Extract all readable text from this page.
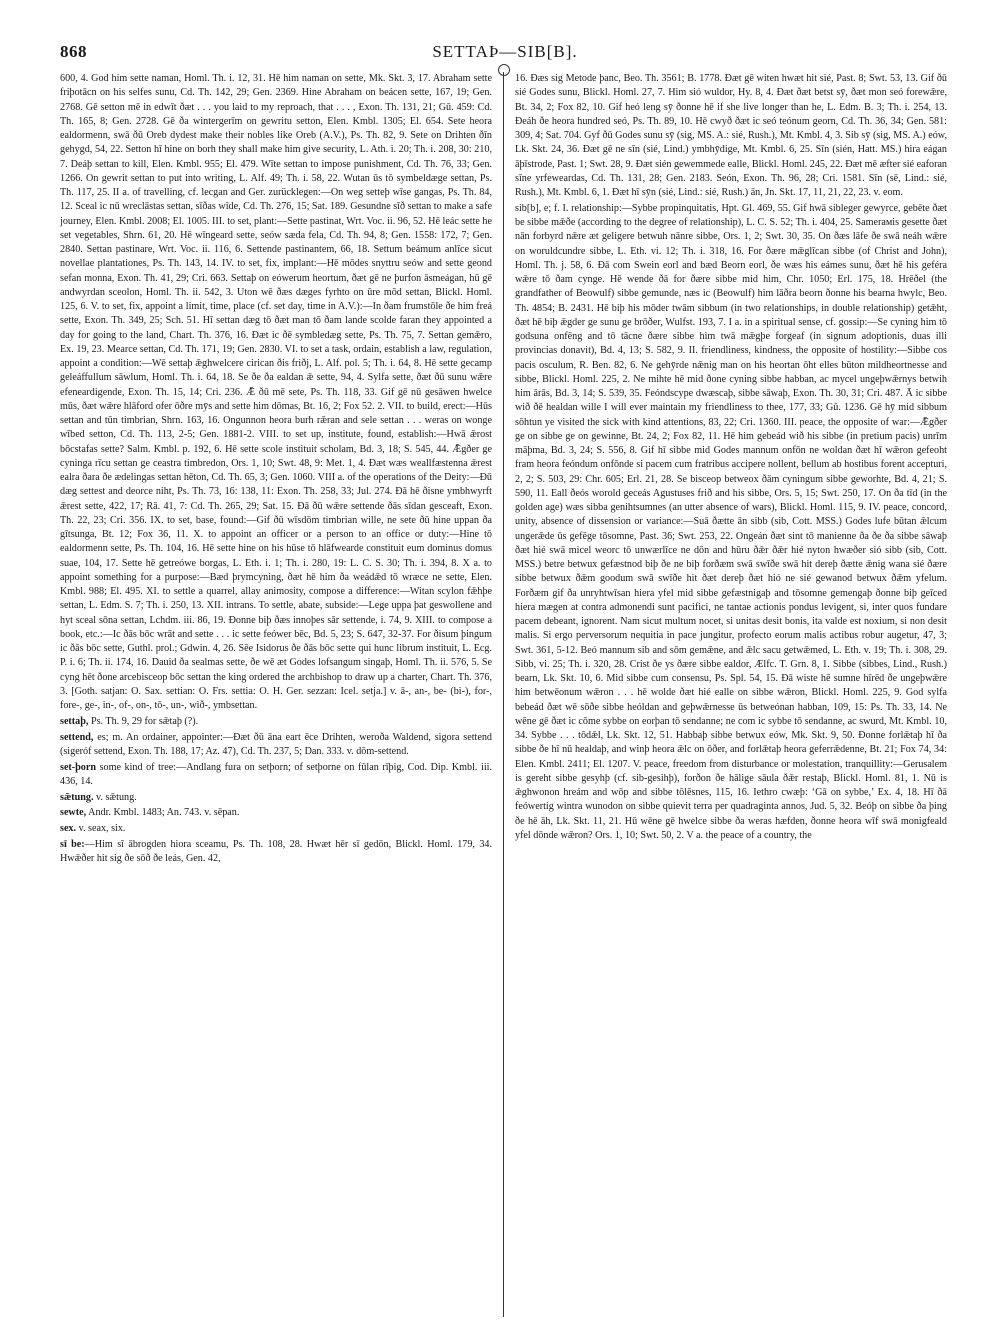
868	SETTAÞ—SIB[B].

600, 4. God him sette naman, Homl. Th. i. 12, 31. Hē him naman on sette, Mk. Skt. 3, 17. Abraham sette friþotācn on his selfes sunu, Cd. Th. 142, 29; Gen. 2369. Hine Abraham on beácen sette, 167, 19; Gen. 2768. Gē setton mē in edwīt ðæt . . . you laid to my reproach, that . . . , Exon. Th. 131, 21; Gū. 459: Cd. Th. 165, 8; Gen. 2728. Gē ða wintergerīm on gewritu setton, Elen. Kmbl. 1305; El. 654. Sete heora ealdormenn, swā ðū Oreb dydest make their nobles like Oreb (A.V.), Ps. Th. 82, 9. Sete on Drihten ðīn gehygd, 54, 22. Setton hī hine on borh they shall make him give security, L. Ath. i. 20; Th. i. 208, 30: 210, 7. Deáþ settan to kill, Elen. Kmbl. 955; El. 479. Wīte settan to impose punishment, Cd. Th. 76, 33; Gen. 1266. On gewrit settan to put into writing, L. Alf. 49; Th. i. 58, 22. Wutan ūs tō symbeldæge settan, Ps. Th. 117, 25. II a. of travelling, cf. lecgan and Ger. zurücklegen:—On weg setteþ wīse gangas, Ps. Th. 84, 12. Sceal ic nū wreclāstas settan, sīðas wīde, Cd. Th. 276, 15; Sat. 189. Gesundne sīð settan to make a safe journey, Elen. Kmbl. 2008; El. 1005. III. to set, plant:—Sette pastinat, Wrt. Voc. ii. 96, 52. Hē leác sette he set vegetables, Shrn. 61, 20. Hē wīngeard sette, seów sæda fela, Cd. Th. 94, 8; Gen. 1558: 172, 7; Gen. 2840. Settan pastinare, Wrt. Voc. ii. 116, 6. Settende pastinantem, 66, 18. Settum beámum anlīce sicut novellae plantationes, Ps. Th. 143, 14. IV. to set, fix, implant:—Hē mōdes snyttru seów and sette geond sefan monna, Exon. Th. 41, 29; Cri. 663. Settaþ on eówerum heortum, ðæt gē ne þurfon āsmeágan, hū gē andwyrdan sceolon, Homl. Th. ii. 542, 3. Uton wē ðæs dæges fyrhto on ūre mōd settan, Blickl. Homl. 125, 6. V. to set, fix, appoint a limit, time, place (cf. set day, time in A.V.):—In ðam frumstōle ðe him freá sette, Exon. Th. 349, 25; Sch. 51. Hī settan dæg tō ðæt man tō ðam lande scolde faran they appointed a day for going to the land, Chart. Th. 376, 16. Ðæt ic ðē symbledæg sette, Ps. Th. 75, 7. Settan gemǣro, Ex. 19, 23. Mearce settan, Cd. Th. 171, 19; Gen. 2830. VI. to set a task, ordain, establish a law, regulation, appoint a condition:—Wē settaþ ǣghwelcere cirican ðis friðj, L. Alf. pol. 5; Th. i. 64, 8. Hē sette gecamp geleáffullum sāwlum, Homl. Th. i. 64, 18. Se ðe ða ealdan ǣ sette, 94, 4. Sylfa sette, ðæt ðū sunu wǣre efeneardigende, Exon. Th. 15, 14; Cri. 236. Ǣ ðū mē sete, Ps. Th. 118, 33. Gif gē nū gesāwen hwelce mūs, ðæt wǣre hlāford ofer ōðre mȳs and sette him dōmas, Bt. 16, 2; Fox 52. 2. VII. to build, erect:—Hūs settan and tūn timbrian, Shrn. 163, 16. Ongunnon heora burh rǣran and sele settan . . . weras on wonge wībed setton, Cd. Th. 113, 2-5; Gen. 1881-2. VIII. to set up, institute, found, establish:—Hwā ǣrost bōcstafas sette? Salm. Kmbl. p. 192, 6. Hē sette scole instituit scholam, Bd. 3, 18; S. 545, 44. Ǣgðer ge cyninga rīcu settan ge ceastra timbredon, Ors. 1, 10; Swt. 48, 9: Met. 1, 4. Ðæt wæs weallfæstenna ǣrest ealra ðara ðe ædelingas settan hēton, Cd. Th. 65, 3; Gen. 1060. VIII a. of the operations of the Deity:—Ðū dæg settest and deorce niht, Ps. Th. 73, 16: 138, 11: Exon. Th. 258, 33; Jul. 274. Ðā hē ðisne ymbhwyrft ǣrest sette, 422, 17; Rā. 41, 7: Cd. Th. 265, 29; Sat. 15. Ðā ðū wǣre settende ðās sīdan gesceaft, Exon. Th. 22, 23; Cri. 356. IX. to set, base, found:—Gif ðū wīsdōm timbrian wille, ne sete ðū hine uppan ða gītsunga, Bt. 12; Fox 36, 11. X. to appoint an officer or a person to an office or duty:—Hine tō ealdormenn sette, Ps. Th. 104, 16. Hē sette hine on his hūse tō hlāfwearde constituit eum dominus domus suae, 104, 17. Sette hē getreówe borgas, L. Eth. i. 1; Th. i. 280, 19: L. C. S. 30; Th. i. 394, 8. X a. to appoint something for a purpose:—Bæd þrymcyning, ðæt hē him ða weádǣd tō wræce ne sette, Elen. Kmbl. 988; El. 495. XI. to settle a quarrel, allay animosity, compose a difference:—Witan scylon fǣhþe settan, L. Edm. S. 7; Th. i. 250, 13. XII. intrans. To settle, abate, subside:—Lege uppa þat geswollene and hyt sceal sōna settan, Lchdm. iii. 86, 19. Ðonne biþ ðæs innoþes sār settende, i. 74, 9. XIII. to compose a book, etc.:—Ic ðās bōc wrāt and sette . . . ic sette feówer bēc, Bd. 5, 23; S. 647, 32-37. For ðisum þingum ic ðās bōc sette, Guthl. prol.; Gdwin. 4, 26. Sēe Isidorus ðe ðās bōc sette qui hunc librum instituit, L. Ecg. P. i. 6; Th. ii. 174, 16. Dauid ða sealmas sette, ðe wē æt Godes lofsangum singaþ, Homl. Th. ii. 576, 5. Se cyng hēt ðone arcebisceop bōc settan the king ordered the archbishop to draw up a charter, Chart. Th. 376, 3. [Goth. satjan: O. Sax. settian: O. Frs. settia: O. H. Ger. sezzan: Icel. setja.] v. ā-, an-, be- (bi-), for-, fore-, ge-, in-, of-, on-, tō-, un-, wið-, ymbsettan.

settaþ, Ps. Th. 9, 29 for sǣtaþ (?).

settend, es; m. An ordainer, appointer:—Ðæt ðū āna eart ēce Drihten, weroða Waldend, sigora settend (sigeróf settend, Exon. Th. 188, 17; Az. 47), Cd. Th. 237, 5; Dan. 333. v. dōm-settend.

set-þorn some kind of tree:—Andlang fura on setþorn; of setþorne on fūlan rīþig, Cod. Dip. Kmbl. iii. 436, 14.

sǣtung. v. sǣtung.

sewte, Andr. Kmbl. 1483; An. 743. v. sēpan.

sex. v. seax, six.

sī be:—Him sī ābrogden hiora sceamu, Ps. Th. 108, 28. Hwæt hēr sī gedōn, Blickl. Homl. 179, 34. Hwǣðer hit sig ðe sōð ðe leás, Gen. 42,

16. Ðæs sig Metode þanc, Beo. Th. 3561; B. 1778. Ðæt gē witen hwæt hit sié, Past. 8; Swt. 53, 13. Gif ðū sié Godes sunu, Blickl. Homl. 27, 7. Him sió wuldor, Hy. 8, 4. Ðæt ðæt betst sȳ, ðæt mon seó forewǣre, Bt. 34, 2; Fox 82, 10. Gif heó leng sȳ ðonne hē if she live longer than he, L. Edm. B. 3; Th. i. 254, 13. Ðeáh ðe heora hundred seó, Ps. Th. 89, 10. Hē cwyð ðæt ic seó teónum georn, Cd. Th. 36, 34; Gen. 581: 309, 4; Sat. 704. Gyf ðū Godes sunu sȳ (sig, MS. A.: sié, Rush.), Mt. Kmbl. 4, 3. Sib sȳ (sig, MS. A.) eów, Lk. Skt. 24, 36. Ðæt gē ne sīn (sié, Lind.) ymbhȳdige, Mt. Kmbl. 6, 25. Sīn (sién, Hatt. MS.) hira eágan āþīstrode, Past. 1; Swt. 28, 9. Ðæt sién gewemmede ealle, Blickl. Homl. 245, 22. Ðæt mē æfter sié eaforan sīne yrfeweardas, Cd. Th. 131, 28; Gen. 2183. Seón, Exon. Th. 96, 28; Cri. 1581. Sīn (sē, Lind.: sié, Rush.), Mt. Kmbl. 6, 1. Ðæt hī sȳn (sié, Lind.: sié, Rush.) ān, Jn. Skt. 17, 11, 21, 22, 23. v. eom.

sib[b], e; f. I. relationship:—Sybbe propinquitatis, Hpt. Gl. 469, 55. Gif hwā sibleger gewyrce, gebēte ðæt be sibbe mǣðe (according to the degree of relationship), L. C. S. 52; Th. i. 404, 25. Samerамis gesette ðæt nān forbyrd nǣre æt geligere betwuh nānre sibbe, Ors. 1, 2; Swt. 30, 35. On ðæs lāfe ðe swā neáh wǣre on woruldcundre sibbe, L. Eth. vi. 12; Th. i. 318, 16. For ðære mǣglīcan sibbe (of Christ and John), Homl. Th. j. 58, 6. Ðā com Swein eorl and bæd Beorn eorl, ðe wæs his eámes sunu, ðæt hē his geféra wǣre tō ðam cynge. Hē wende ðā for ðære sibbe mid him, Chr. 1050; Erl. 175, 18. Hrēðel (the grandfather of Beowulf) sibbe gemunde, næs ic (Beowulf) him lāðra beorn ðonne his bearna hwylc, Beo. Th. 4854; B. 2431. Hē biþ his mōder twām sibbum (in two relationships, in double relationship) getǣht, ðæt hē biþ ǣgder ge sunu ge brōðer, Wulfst. 193, 7. I a. in a spiritual sense, cf. gossip:—Se cyning him tō godsuna onfēng and tō tācne ðære sibbe him twā mǣgþe forgeaf (in signum adoptionis, duas illi provincias donavit), Bd. 4, 13; S. 582, 9. II. friendliness, kindness, the opposite of hostility:—Sibbe cos pacis osculum, R. Ben. 82, 6. Ne gehȳrde nǣnig man on his heortan ōht elles būton mildheortnesse and sibbe, Blickl. Homl. 225, 2. Ne mihte hē mid ðone cyning sibbe habban, ac mycel ungeþwǣrnys betwih him ārās, Bd. 3, 14; S. 539, 35. Feóndscype dwæscaþ, sibbe sāwaþ, Exon. Th. 30, 31; Cri. 487. Ā ic sibbe wið ðē healdan wille I will ever maintain my friendliness to thee, 177, 33; Gū. 1236. Gē hȳ mid sibbum sōhtun ye visited the sick with kind attentions, 83, 22; Cri. 1360. III. peace, the opposite of war:—Ǣgðer ge on sibbe ge on gewinne, Bt. 24, 2; Fox 82, 11. Hē him gebeád wið his sibbe (in pretium pacis) unrīm māþma, Bd. 3, 24; S. 556, 8. Gif hī sibbe mid Godes mannum onfōn ne woldan ðæt hī wǣron gefeoht fram heora feóndum onfōnde si pacem cum fratribus accipere nollent, bellum ab hostibus forent accepturi, 2, 2; S. 503, 29: Chr. 605; Erl. 21, 28. Se bisceop betweox ðām cyningum sibbe geworhte, Bd. 4, 21; S. 590, 11. Eall ðeós worold geceás Agustuses frið and his sibbe, Ors. 5, 15; Swt. 250, 17. On ða tīd (in the golden age) wæs sibba genihtsumnes (an utter absence of wars), Blickl. Homl. 115, 9. IV. peace, concord, unity, absence of dissension or variance:—Suā ðætte ān sibb (sib, Cott. MSS.) Godes lufe būtan ǣlcum ungerǣde ūs gefēge tōsomne, Past. 36; Swt. 253, 22. Ongeán ðæt sint tō manienne ða ðe ða sibbe sāwaþ ðæt hié swā micel weorc tō unwærlīce ne dōn and hūru ðǣr ðǣr hié nyton hwæðer sió sibb (sib, Cott. MSS.) betre betwux gefæstnod biþ ðe ne biþ forðæm swā swīðe swā hit dereþ ðætte ǣnig wana sié ðære sibbe betwux ðǣm goodum swā swīðe hit ðæt dereþ ðæt hió ne sié gewanod betwux ðǣm yfelum. Forðæm gif ða unryhtwīsan hiera yfel mid sibbe gefæstnigaþ and tōsomne gemengaþ ðonne biþ geīced hiera mægen at contra admonendi sunt pacifici, ne tantae actionis pondus levigent, si, inter quos fundare pacem debeant, ignorent. Nam sicut multum nocet, si unitas desit bonis, ita valde est noxium, si non desit malis. Si ergo perversorum nequitia in pace jungitur, profecto eorum malis actibus robur augetur, 47, 3; Swt. 361, 5-12. Beó mannum sib and sōm gemǣne, and ǣlc sacu getwǣmed, L. Eth. v. 19; Th. i. 308, 29. Sibb, vi. 25; Th. i. 320, 28. Crist ðe ys ðære sibbe ealdor, Ælfc. T. Grn. 8, 1. Sibbe (sibbes, Lind., Rush.) bearn, Lk. Skt. 10, 6. Mid sibbe cum consensu, Ps. Spl. 54, 15. Ðā wiste hē sumne hīrēd ðe ungeþwǣre him betwēonum wǣron . . . hē wolde ðæt hié ealle on sibbe wǣron, Blickl. Homl. 225, 9. God sylfa bebeád ðæt wē sōðe sibbe heóldan and geþwǣrnesse ūs betweónan habban, 109, 15: Ps. Th. 33, 14. Ne wēne gē ðæt ic cōme sybbe on eorþan tō sendanne; ne com ic sybbe tō sendanne, ac swurd, Mt. Kmbl. 10, 34. Sybbe . . . tōdǣl, Lk. Skt. 12, 51. Habbaþ sibbe betwux eów, Mk. Skt. 9, 50. Ðonne forlǣtaþ hī ða sibbe ðe hī nū healdaþ, and winþ heora ǣlc on ōðer, and forlǣtaþ heora geferrǣdenne, Bt. 21; Fox 74, 34: Elen. Kmbl. 2411; El. 1207. V. peace, freedom from disturbance or molestation, tranquillity:—Gerusalem is gereht sibbe gesyhþ (cf. sib-gesihþ), forðon ðe hālige sāula ðǣr restaþ, Blickl. Homl. 81, 1. Nū is ǣghwonon hreám and wōp and sibbe tōlēsnes, 115, 16. Iethro cwæþ: ‘Gā on sybbe,’ Ex. 4, 18. Hī ðā feówertig wintra wunodon on sibbe quievit terra per quadraginta annos, Jud. 5, 32. Beóþ on sibbe ða þing ðe hē āh, Lk. Skt. 11, 21. Hū wēne gē hwelce sibbe ða weras hæfden, ðonne heora wīf swā monigfeald yfel dōnde wǣron? Ors. 1, 10; Swt. 50, 2. V a. the peace of a country, the
